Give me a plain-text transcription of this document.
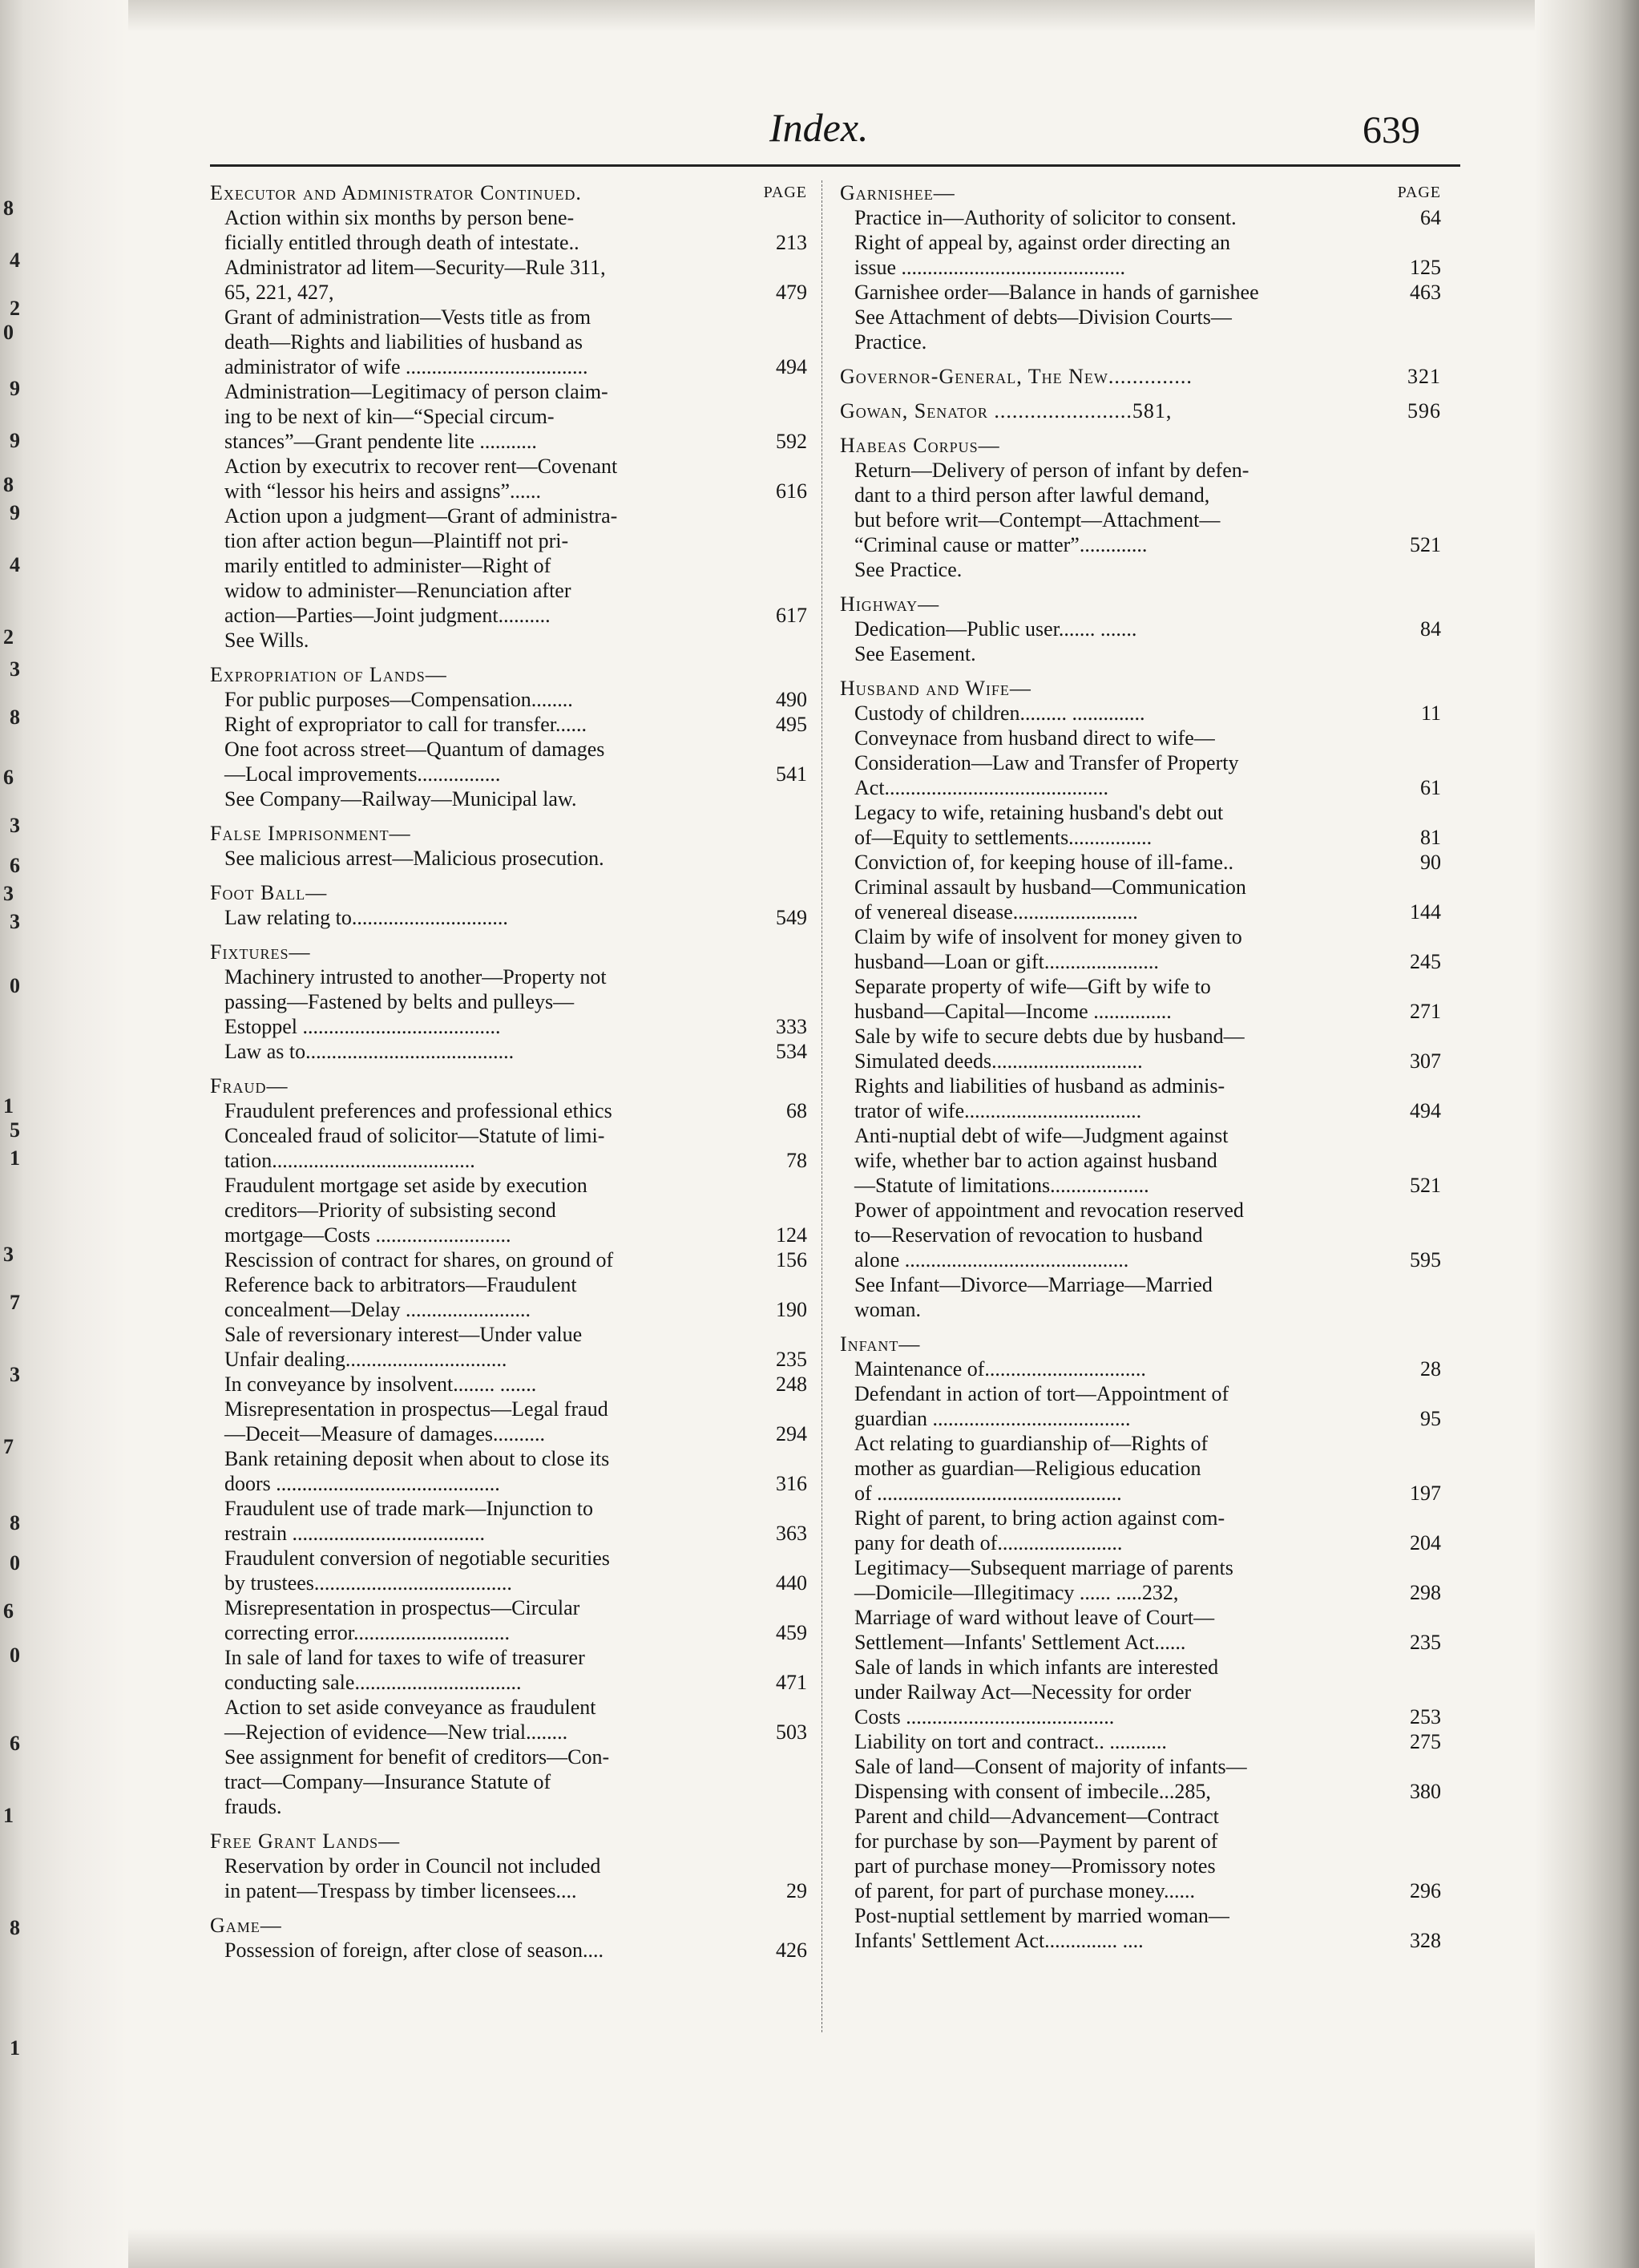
8
4
2
0
9
9
8
9
4
2
3
8
6
3
6
3
3
0
1
5
1
3
7
3
7
8
0
6
0
6
1
8
1
Index.	639
Executor and Administrator Continued.	PAGE
Action within six months by person bene-
ficially entitled through death of intestate..	213
Administrator ad litem—Security—Rule 311,
65, 221, 427,	479
Grant of administration—Vests title as from
death—Rights and liabilities of husband as
administrator of wife ...................................	494
Administration—Legitimacy of person claim-
ing to be next of kin—“Special circum-
stances”—Grant pendente lite ...........	592
Action by executrix to recover rent—Covenant
with “lessor his heirs and assigns”......	616
Action upon a judgment—Grant of administra-
tion after action begun—Plaintiff not pri-
marily entitled to administer—Right of
widow to administer—Renunciation after
action—Parties—Joint judgment..........	617
See Wills.
Expropriation of Lands—
For public purposes—Compensation........	490
Right of expropriator to call for transfer......	495
One foot across street—Quantum of damages
—Local improvements................	541
See Company—Railway—Municipal law.
False Imprisonment—
See malicious arrest—Malicious prosecution.
Foot Ball—
Law relating to..............................	549
Fixtures—
Machinery intrusted to another—Property not
passing—Fastened by belts and pulleys—
Estoppel ......................................	333
Law as to........................................	534
Fraud—
Fraudulent preferences and professional ethics	68
Concealed fraud of solicitor—Statute of limi-
tation.......................................	78
Fraudulent mortgage set aside by execution
creditors—Priority of subsisting second
mortgage—Costs ..........................	124
Rescission of contract for shares, on ground of	156
Reference back to arbitrators—Fraudulent
concealment—Delay ........................	190
Sale of reversionary interest—Under value
Unfair dealing...............................	235
In conveyance by insolvent........ .......	248
Misrepresentation in prospectus—Legal fraud
—Deceit—Measure of damages..........	294
Bank retaining deposit when about to close its
doors ...........................................	316
Fraudulent use of trade mark—Injunction to
restrain .....................................	363
Fraudulent conversion of negotiable securities
by trustees......................................	440
Misrepresentation in prospectus—Circular
correcting error..............................	459
In sale of land for taxes to wife of treasurer
conducting sale................................	471
Action to set aside conveyance as fraudulent
—Rejection of evidence—New trial........	503
See assignment for benefit of creditors—Con-
tract—Company—Insurance Statute of
frauds.
Free Grant Lands—
Reservation by order in Council not included
in patent—Trespass by timber licensees....	29
Game—
Possession of foreign, after close of season....	426
Garnishee—	PAGE
Practice in—Authority of solicitor to consent.	64
Right of appeal by, against order directing an
issue ...........................................	125
Garnishee order—Balance in hands of garnishee	463
See Attachment of debts—Division Courts—
Practice.
Governor-General, The New..............	321
Gowan, Senator .......................581,	596
Habeas Corpus—
Return—Delivery of person of infant by defen-
dant to a third person after lawful demand,
but before writ—Contempt—Attachment—
“Criminal cause or matter”.............	521
See Practice.
Highway—
Dedication—Public user....... .......	84
See Easement.
Husband and Wife—
Custody of children......... ..............	11
Conveynace from husband direct to wife—
Consideration—Law and Transfer of Property
Act...........................................	61
Legacy to wife, retaining husband's debt out
of—Equity to settlements................	81
Conviction of, for keeping house of ill-fame..	90
Criminal assault by husband—Communication
of venereal disease........................	144
Claim by wife of insolvent for money given to
husband—Loan or gift......................	245
Separate property of wife—Gift by wife to
husband—Capital—Income ...............	271
Sale by wife to secure debts due by husband—
Simulated deeds.............................	307
Rights and liabilities of husband as adminis-
trator of wife..................................	494
Anti-nuptial debt of wife—Judgment against
wife, whether bar to action against husband
—Statute of limitations...................	521
Power of appointment and revocation reserved
to—Reservation of revocation to husband
alone ...........................................	595
See Infant—Divorce—Marriage—Married
woman.
Infant—
Maintenance of...............................	28
Defendant in action of tort—Appointment of
guardian ......................................	95
Act relating to guardianship of—Rights of
mother as guardian—Religious education
of ...............................................	197
Right of parent, to bring action against com-
pany for death of........................	204
Legitimacy—Subsequent marriage of parents
—Domicile—Illegitimacy ...... .....232,	298
Marriage of ward without leave of Court—
Settlement—Infants' Settlement Act......	235
Sale of lands in which infants are interested
under Railway Act—Necessity for order
Costs ........................................	253
Liability on tort and contract.. ...........	275
Sale of land—Consent of majority of infants—
Dispensing with consent of imbecile...285,	380
Parent and child—Advancement—Contract
for purchase by son—Payment by parent of
part of purchase money—Promissory notes
of parent, for part of purchase money......	296
Post-nuptial settlement by married woman—
Infants' Settlement Act.............. ....	328
